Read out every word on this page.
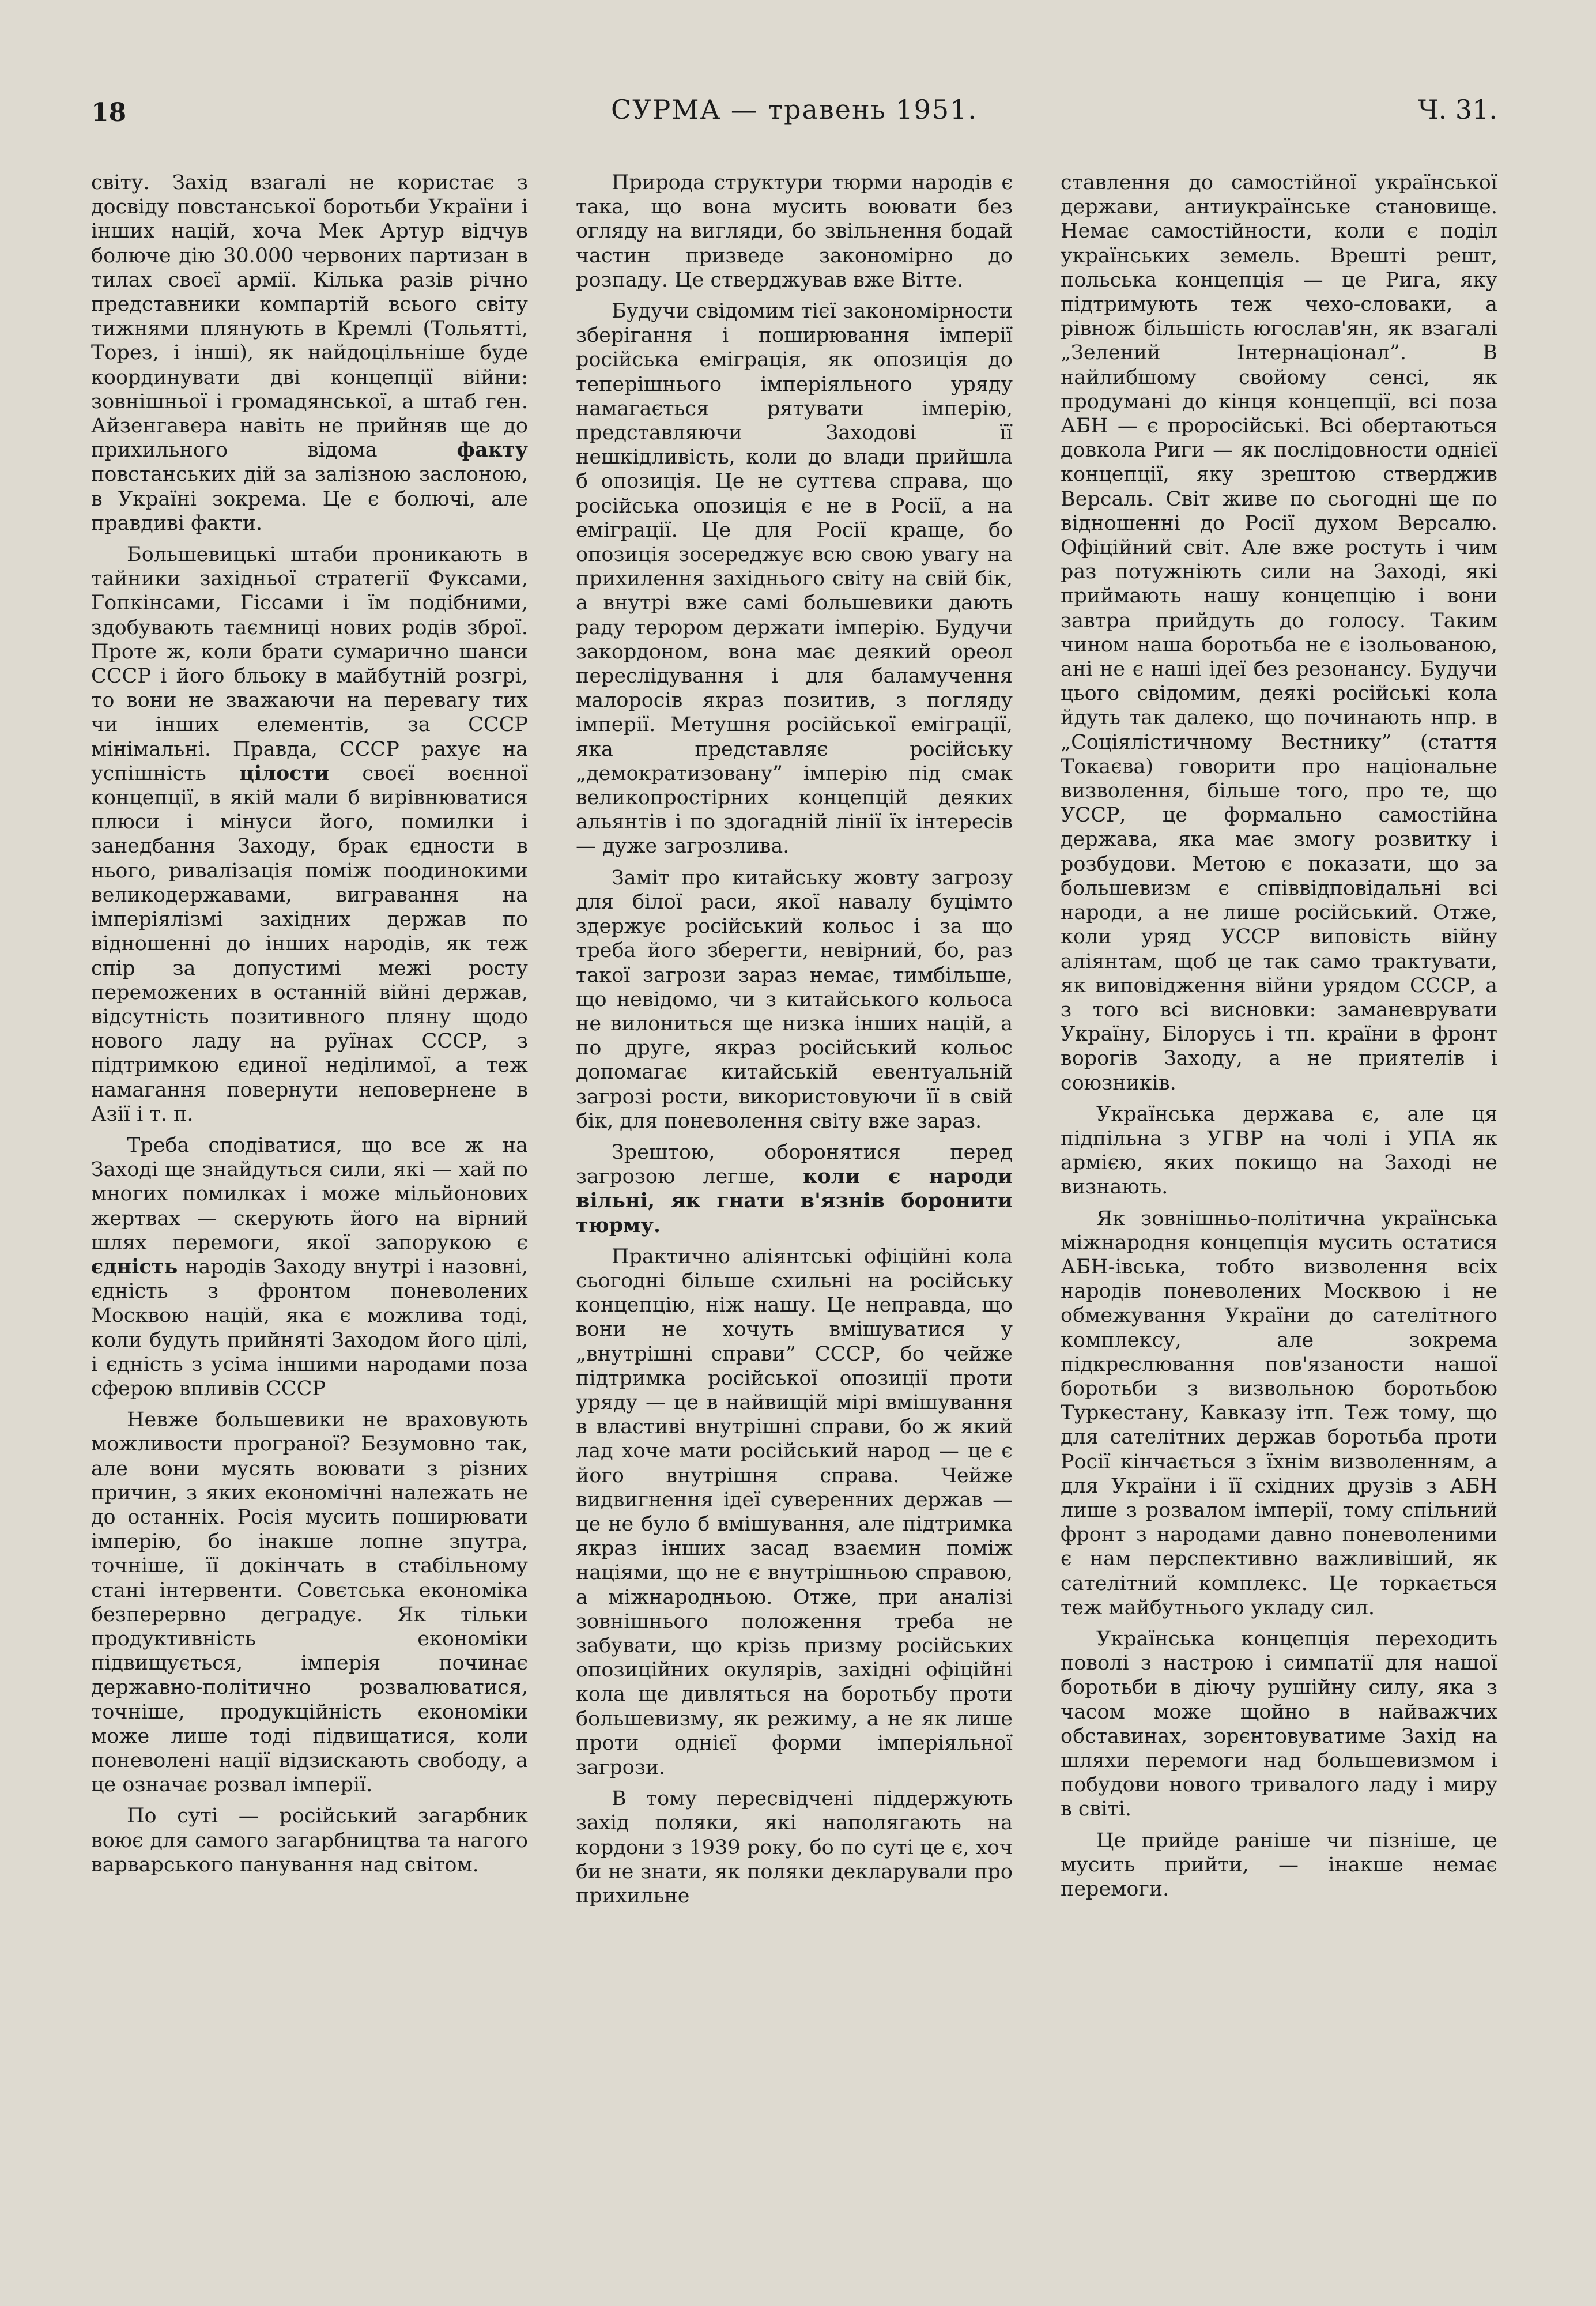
18	СУРМА — травень 1951.	Ч. 31.

світу. Захід взагалі не користає з досвіду повстанської боротьби України і інших націй, хоча Мек Артур відчув болюче дію 30.000 червоних партизан в тилах своєї армії. Кілька разів річно представники компартій всього світу тижнями плянують в Кремлі (Тольятті, Торез, і інші), як найдоцільніше буде координувати дві концепції війни: зовнішньої і громадянської, а штаб ген. Айзенгавера навіть не прийняв ще до прихильного відома факту повстанських дій за залізною заслоною, в Україні зокрема. Це є болючі, але правдиві факти.

Большевицькі штаби проникають в тайники західньої стратегії Фуксами, Гопкінсами, Гіссами і їм подібними, здобувають таємниці нових родів зброї. Проте ж, коли брати сумарично шанси СССР і його бльоку в майбутній розгрі, то вони не зважаючи на перевагу тих чи інших елементів, за СССР мінімальні. Правда, СССР рахує на успішність цілости своєї воєнної концепції, в якій мали б вирівнюватися плюси і мінуси його, помилки і занедбання Заходу, брак єдности в нього, ривалізація поміж поодинокими великодержавами, вигравання на імперіялізмі західних держав по відношенні до інших народів, як теж спір за допустимі межі росту переможених в останній війні держав, відсутність позитивного пляну щодо нового ладу на руїнах СССР, з підтримкою єдиної неділимої, а теж намагання повернути неповернене в Азії і т. п.

Треба сподіватися, що все ж на Заході ще знайдуться сили, які — хай по многих помилках і може мільйонових жертвах — скерують його на вірний шлях перемоги, якої запорукою є єдність народів Заходу внутрі і назовні, єдність з фронтом поневолених Москвою націй, яка є можлива тоді, коли будуть прийняті Заходом його цілі, і єдність з усіма іншими народами поза сферою впливів СССР

Невже большевики не враховують можливости програної? Безумовно так, але вони мусять воювати з різних причин, з яких економічні належать не до останніх. Росія мусить поширювати імперію, бо інакше лопне зпутра, точніше, її докінчать в стабільному стані інтервенти. Совєтська економіка безперервно деградує. Як тільки продуктивність економіки підвищується, імперія починає державно-політично розвалюватися, точніше, продукційність економіки може лише тоді підвищатися, коли поневолені нації відзискають свободу, а це означає розвал імперії.

По суті — російський загарбник воює для самого загарбництва та нагого варварського панування над світом.

Природа структури тюрми народів є така, що вона мусить воювати без огляду на вигляди, бо звільнення бодай частин призведе закономірно до розпаду. Це стверджував вже Вітте.

Будучи свідомим тієї закономірности зберігання і поширювання імперії російська еміграція, як опозиція до теперішнього імперіяльного уряду намагається рятувати імперію, представляючи Заходові її нешкідливість, коли до влади прийшла б опозиція. Це не суттєва справа, що російська опозиція є не в Росії, а на еміграції. Це для Росії краще, бо опозиція зосереджує всю свою увагу на прихилення західнього світу на свій бік, а внутрі вже самі большевики дають раду терором держати імперію. Будучи закордоном, вона має деякий ореол переслідування і для баламучення малоросів якраз позитив, з погляду імперії. Метушня російської еміграції, яка представляє російську „демократизовану” імперію під смак великопростірних концепцій деяких альянтів і по здогадній лінії їх інтересів — дуже загрозлива.

Заміт про китайську жовту загрозу для білої раси, якої навалу буцімто здержує російський кольос і за що треба його зберегти, невірний, бо, раз такої загрози зараз немає, тимбільше, що невідомо, чи з китайського кольоса не вилониться ще низка інших націй, а по друге, якраз російський кольос допомагає китайській евентуальній загрозі рости, використовуючи її в свій бік, для поневолення світу вже зараз.

Зрештою, оборонятися перед загрозою легше, коли є народи вільні, як гнати в'язнів боронити тюрму.

Практично аліянтські офіційні кола сьогодні більше схильні на російську концепцію, ніж нашу. Це неправда, що вони не хочуть вмішуватися у „внутрішні справи” СССР, бо чейже підтримка російської опозиції проти уряду — це в найвищій мірі вмішування в властиві внутрішні справи, бо ж який лад хоче мати російський народ — це є його внутрішня справа. Чейже видвигнення ідеї суверенних держав — це не було б вмішування, але підтримка якраз інших засад взаємин поміж націями, що не є внутрішньою справою, а міжнародньою. Отже, при аналізі зовнішнього положення треба не забувати, що крізь призму російських опозиційних окулярів, західні офіційні кола ще дивляться на боротьбу проти большевизму, як режиму, а не як лише проти однієї форми імперіяльної загрози.

В тому пересвідчені піддержують захід поляки, які наполягають на кордони з 1939 року, бо по суті це є, хоч би не знати, як поляки декларували про прихильне

ставлення до самостійної української держави, антиукраїнське становище. Немає самостійности, коли є поділ українських земель. Врешті решт, польська концепція — це Рига, яку підтримують теж чехо-словаки, а рівнож більшість югослав'ян, як взагалі „Зелений Інтернаціонал”. В найлибшому свойому сенсі, як продумані до кінця концепції, всі поза АБН — є проросійські. Всі обертаються довкола Риги — як послідовности однієї концепції, яку зрештою стверджив Версаль. Світ живе по сьогодні ще по відношенні до Росії духом Версалю. Офіційний світ. Але вже ростуть і чим раз потужніють сили на Заході, які приймають нашу концепцію і вони завтра прийдуть до голосу. Таким чином наша боротьба не є ізольованою, ані не є наші ідеї без резонансу. Будучи цього свідомим, деякі російські кола йдуть так далеко, що починають нпр. в „Соціялістичному Вестнику” (стаття Токаєва) говорити про національне визволення, більше того, про те, що УССР, це формально самостійна держава, яка має змогу розвитку і розбудови. Метою є показати, що за большевизм є співвідповідальні всі народи, а не лише російський. Отже, коли уряд УССР виповість війну аліянтам, щоб це так само трактувати, як виповідження війни урядом СССР, а з того всі висновки: заманеврувати Україну, Білорусь і тп. країни в фронт ворогів Заходу, а не приятелів і союзників.

Українська держава є, але ця підпільна з УГВР на чолі і УПА як армією, яких покищо на Заході не визнають.

Як зовнішньо-політична українська міжнародня концепція мусить остатися АБН-івська, тобто визволення всіх народів поневолених Москвою і не обмежування України до сателітного комплексу, але зокрема підкреслювання пов'язаности нашої боротьби з визвольною боротьбою Туркестану, Кавказу ітп. Теж тому, що для сателітних держав боротьба проти Росії кінчається з їхнім визволенням, а для України і її східних друзів з АБН лише з розвалом імперії, тому спільний фронт з народами давно поневоленими є нам перспективно важливіший, як сателітний комплекс. Це торкається теж майбутнього укладу сил.

Українська концепція переходить поволі з настрою і симпатії для нашої боротьби в діючу рушійну силу, яка з часом може щойно в найважчих обставинах, зорєнтовуватиме Захід на шляхи перемоги над большевизмом і побудови нового тривалого ладу і миру в світі.

Це прийде раніше чи пізніше, це мусить прийти, — інакше немає перемоги.
